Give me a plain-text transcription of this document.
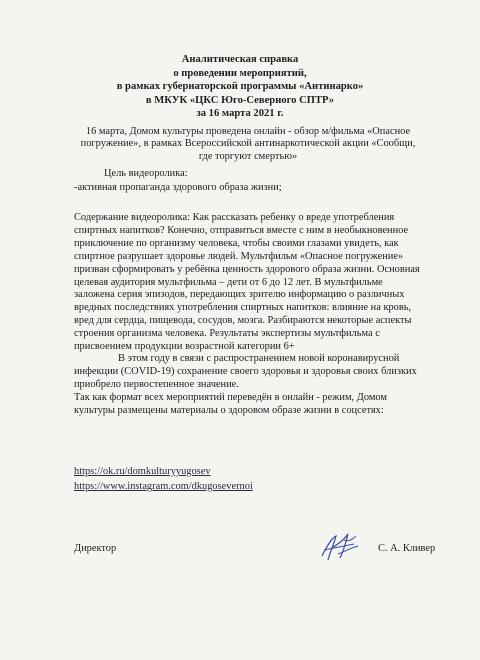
Аналитическая справка
о проведении мероприятий,
в рамках губернаторской программы «Антинарко»
в МКУК «ЦКС Юго-Северного СПТР»
за 16 марта 2021 г.
16 марта, Домом культуры проведена онлайн - обзор м/фильма «Опасное
погружение», в рамках Всероссийской антинаркотической акции «Сообщи,
где торгуют смертью»
Цель видеоролика:
-активная пропаганда здорового образа жизни;
Содержание видеоролика: Как рассказать ребенку о вреде употребления
спиртных напитков? Конечно, отправиться вместе с ним в необыкновенное
приключение по организму человека, чтобы своими глазами увидеть, как
спиртное разрушает здоровье людей. Мультфильм «Опасное погружение»
призван сформировать у ребёнка ценность здорового образа жизни. Основная
целевая аудитория мультфильма – дети от 6 до 12 лет. В мультфильме
заложена серия эпизодов, передающих зрителю информацию о различных
вредных последствиях употребления спиртных напитков: влияние на кровь,
вред для сердца, пищевода, сосудов, мозга. Разбираются некоторые аспекты
строения организма человека. Результаты экспертизы мультфильма с
присвоением продукции возрастной категории 6+
В этом году в связи с распространением новой коронавирусной
инфекции (COVID-19) сохранение своего здоровья и здоровья своих близких
приобрело первостепенное значение.
Так как формат всех мероприятий переведён в онлайн - режим, Домом
культуры размещены материалы о здоровом образе жизни в соцсетях:
https://ok.ru/domkulturyyugosev
https://www.instagram.com/dkugosevernoi
Директор	С. А. Кливер
